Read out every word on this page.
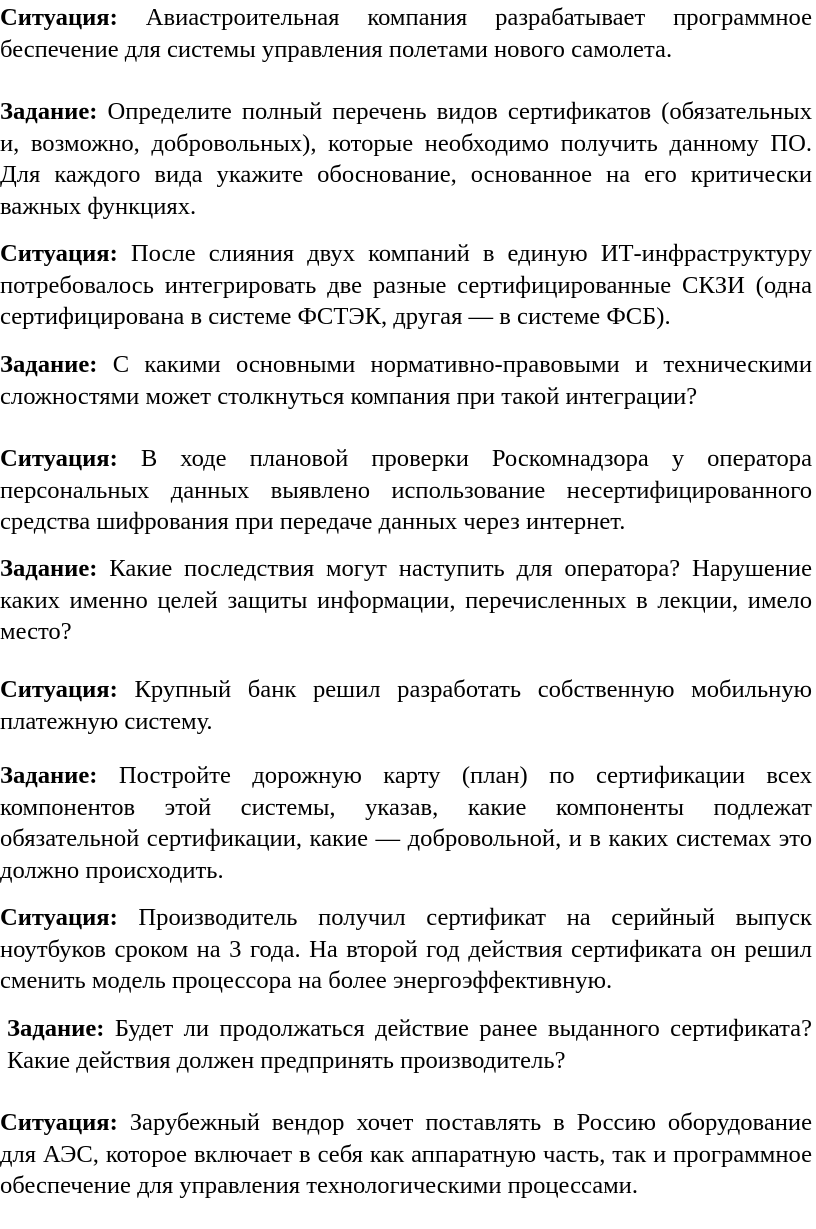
Ситуация: Авиастроительная компания разрабатывает программное беспечение для системы управления полетами нового самолета.

Задание: Определите полный перечень видов сертификатов (обязательных и, возможно, добровольных), которые необходимо получить данному ПО. Для каждого вида укажите обоснование, основанное на его критически важных функциях.

Ситуация: После слияния двух компаний в единую ИТ-инфраструктуру потребовалось интегрировать две разные сертифицированные СКЗИ (одна сертифицирована в системе ФСТЭК, другая — в системе ФСБ).

Задание: С какими основными нормативно-правовыми и техническими сложностями может столкнуться компания при такой интеграции?

Ситуация: В ходе плановой проверки Роскомнадзора у оператора персональных данных выявлено использование несертифицированного средства шифрования при передаче данных через интернет.

Задание: Какие последствия могут наступить для оператора? Нарушение каких именно целей защиты информации, перечисленных в лекции, имело место?

Ситуация: Крупный банк решил разработать собственную мобильную платежную систему.

Задание: Постройте дорожную карту (план) по сертификации всех компонентов этой системы, указав, какие компоненты подлежат обязательной сертификации, какие — добровольной, и в каких системах это должно происходить.

Ситуация: Производитель получил сертификат на серийный выпуск ноутбуков сроком на 3 года. На второй год действия сертификата он решил сменить модель процессора на более энергоэффективную.

Задание: Будет ли продолжаться действие ранее выданного сертификата? Какие действия должен предпринять производитель?

Ситуация: Зарубежный вендор хочет поставлять в Россию оборудование для АЭС, которое включает в себя как аппаратную часть, так и программное обеспечение для управления технологическими процессами.
